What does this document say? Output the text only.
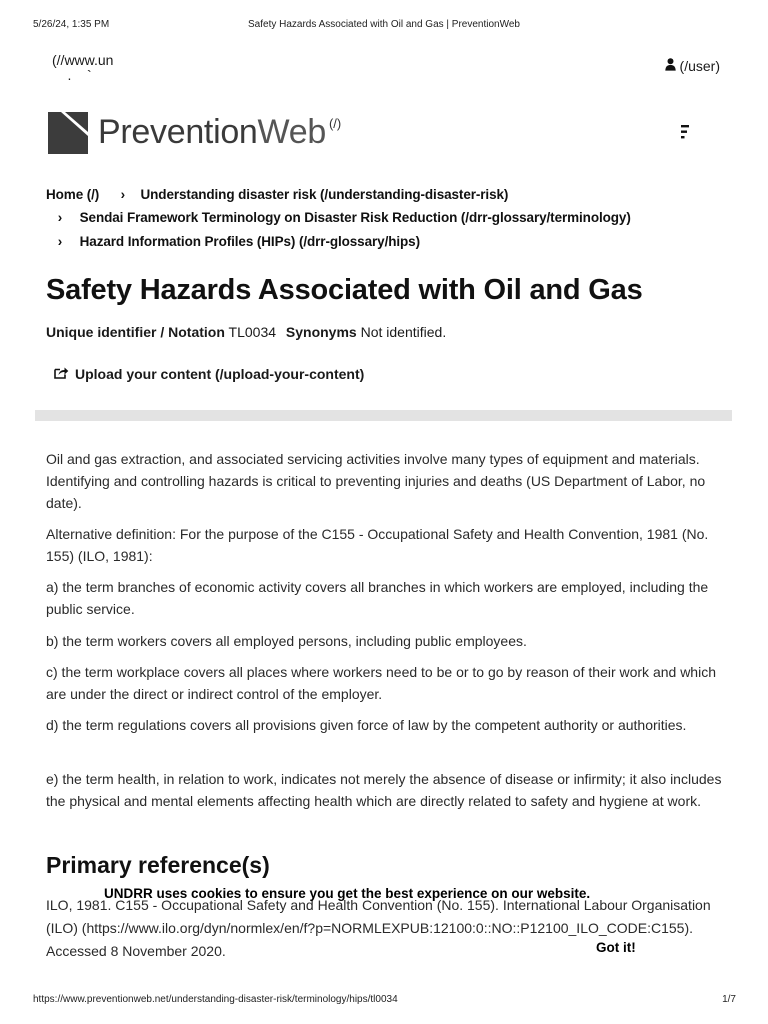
5/26/24, 1:35 PM	Safety Hazards Associated with Oil and Gas | PreventionWeb
(//www.un
.    `
(/user)
PreventionWeb (/)
Home (/) › Understanding disaster risk (/understanding-disaster-risk)
› Sendai Framework Terminology on Disaster Risk Reduction (/drr-glossary/terminology)
› Hazard Information Profiles (HIPs) (/drr-glossary/hips)
Safety Hazards Associated with Oil and Gas
Unique identifier / Notation TL0034 Synonyms Not identified.
Upload your content (/upload-your-content)
Oil and gas extraction, and associated servicing activities involve many types of equipment and materials. Identifying and controlling hazards is critical to preventing injuries and deaths (US Department of Labor, no date).
Alternative definition: For the purpose of the C155 - Occupational Safety and Health Convention, 1981 (No. 155) (ILO, 1981):
a) the term branches of economic activity covers all branches in which workers are employed, including the public service.
b) the term workers covers all employed persons, including public employees.
c) the term workplace covers all places where workers need to be or to go by reason of their work and which are under the direct or indirect control of the employer.
d) the term regulations covers all provisions given force of law by the competent authority or authorities.
e) the term health, in relation to work, indicates not merely the absence of disease or infirmity; it also includes the physical and mental elements affecting health which are directly related to safety and hygiene at work.
Primary reference(s)
ILO, 1981. C155 - Occupational Safety and Health Convention (No. 155). International Labour Organisation (ILO) (https://www.ilo.org/dyn/normlex/en/f?p=NORMLEXPUB:12100:0::NO::P12100_ILO_CODE:C155). Accessed 8 November 2020.
UNDRR uses cookies to ensure you get the best experience on our website.
Got it!
https://www.preventionweb.net/understanding-disaster-risk/terminology/hips/tl0034	1/7
